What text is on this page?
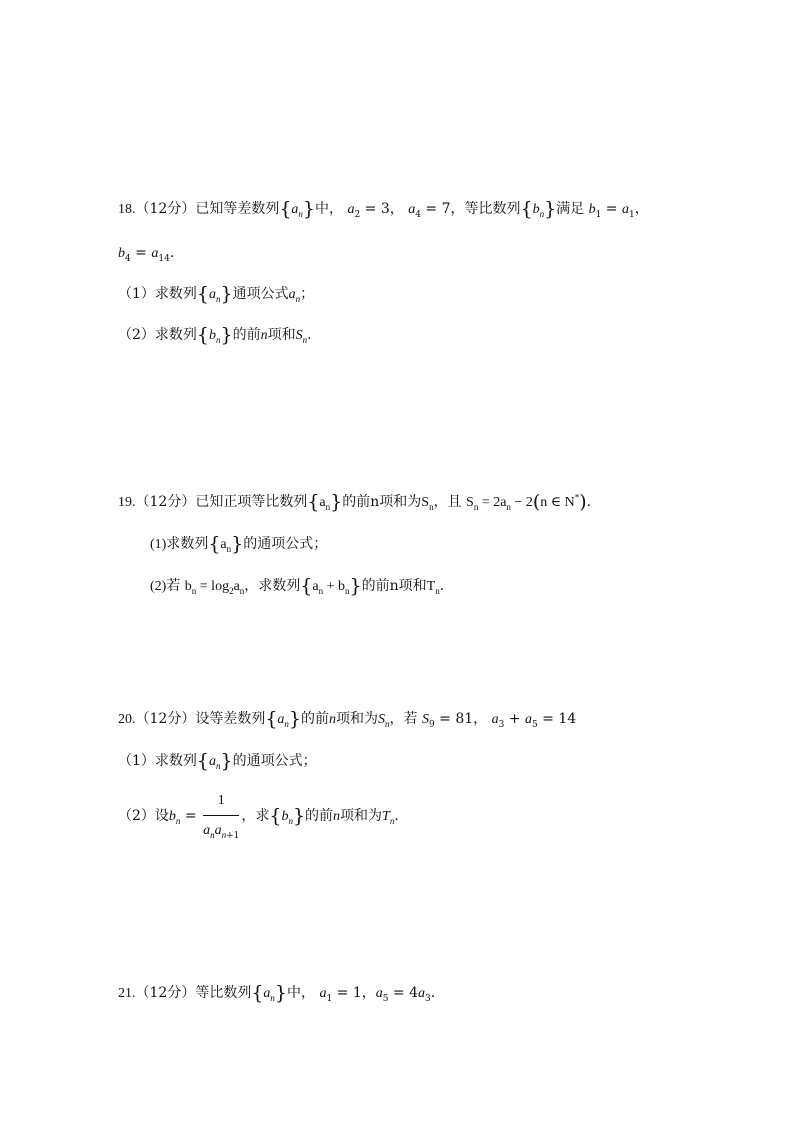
18.（12分）已知等差数列$\{a_n\}$中， $a_2 = 3$， $a_4 = 7$，等比数列$\{b_n\}$满足 $b_1 = a_1$，
$b_4 = a_{14}$.
（1）求数列$\{a_n\}$通项公式$a_n$；
（2）求数列$\{b_n\}$的前n项和$S_n$.
19.（12分）已知正项等比数列$\{a_n\}$的前n项和为$S_n$，且 $S_n = 2a_n - 2(n$ ∈ N*).
(1)求数列$\{a_n\}$的通项公式；
(2)若 $b_n = \log_2a_n$，求数列$\{a_n + b_n\}$的前n项和$T_n$.
20.（12分）设等差数列$\{a_n\}$的前n项和为$S_n$，若 $S_9 = 81$， $a_3 + a_5 = 14$
（1）求数列$\{a_n\}$的通项公式；
（2）设$b_n = \frac{1}{a_na_{n+1}}$ ，求$\{b_n\}$的前n项和为$T_n$.
21.（12分）等比数列$\{a_n\}$中， $a_1 = 1$，$a_5 = 4a_3$.
